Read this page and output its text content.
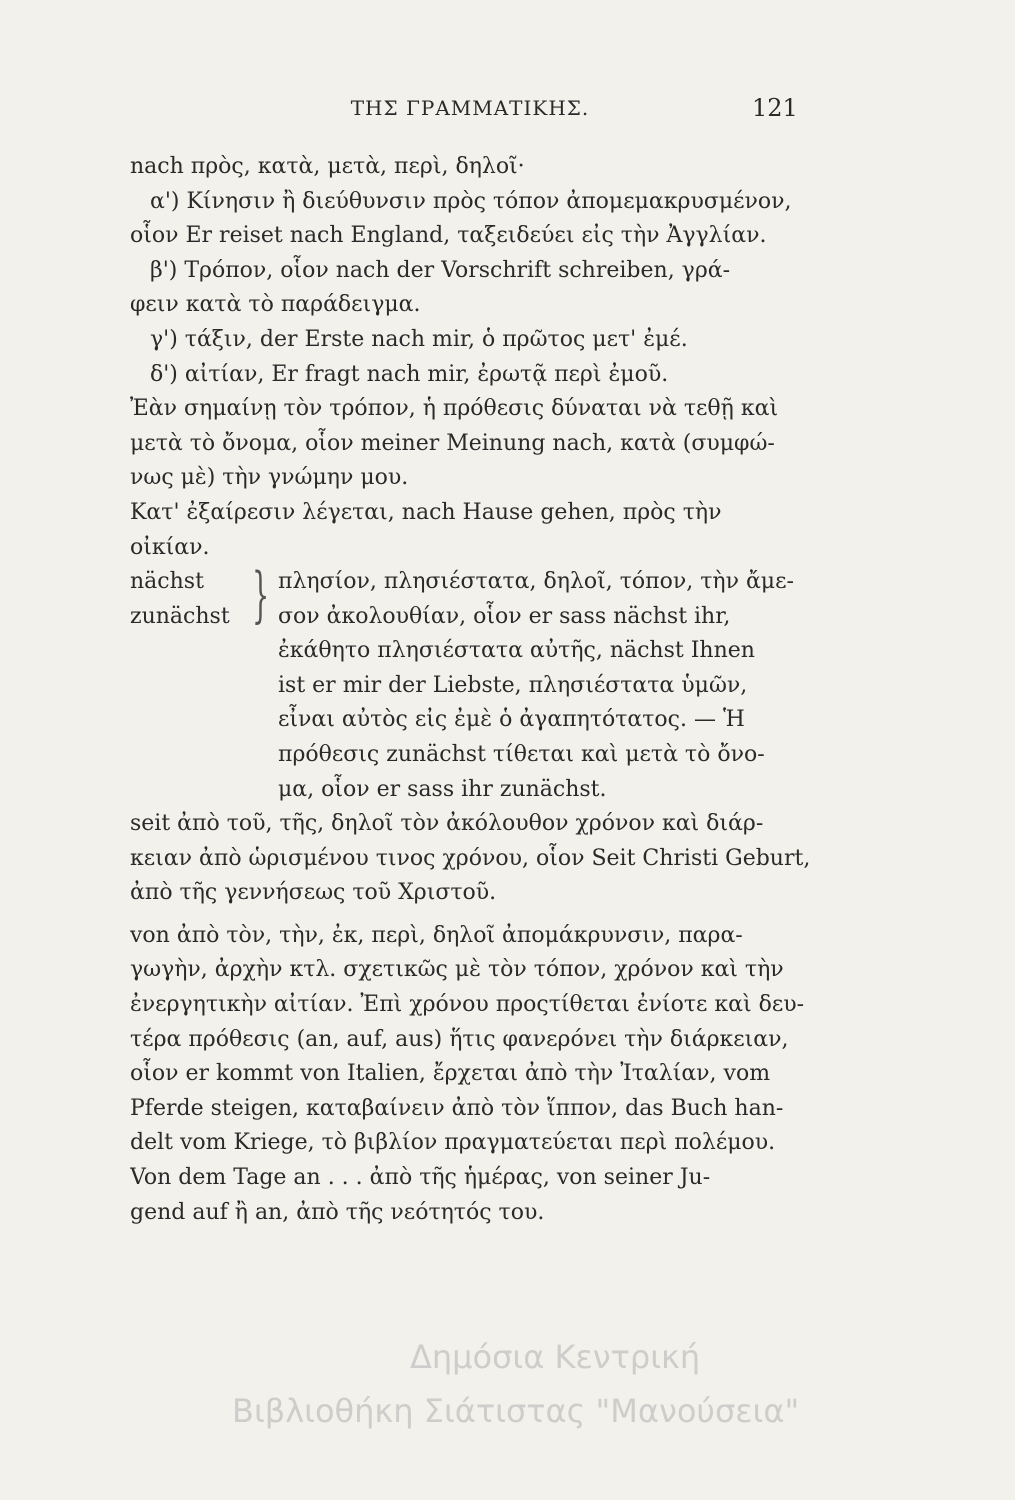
ΤΗΣ ΓΡΑΜΜΑΤΙΚΗΣ.	121

nach πρὸς, κατὰ, μετὰ, περὶ, δηλοῖ·

α') Κίνησιν ἢ διεύθυνσιν πρὸς τόπον ἀπομεμακρυσμένον,

οἷον Er reiset nach England, ταξειδεύει εἰς τὴν Ἀγγλίαν.

β') Τρόπον, οἷον nach der Vorschrift schreiben, γρά-

φειν κατὰ τὸ παράδειγμα.

γ') τάξιν, der Erste nach mir, ὁ πρῶτος μετ' ἐμέ.

δ') αἰτίαν, Er fragt nach mir, ἐρωτᾷ περὶ ἐμοῦ.

Ἐὰν σημαίνῃ τὸν τρόπον, ἡ πρόθεσις δύναται νὰ τεθῇ καὶ

μετὰ τὸ ὄνομα, οἷον meiner Meinung nach, κατὰ (συμφώ-

νως μὲ) τὴν γνώμην μου.

Κατ' ἐξαίρεσιν λέγεται, nach Hause gehen, πρὸς τὴν

οἰκίαν.

nächst
zunächst } πλησίον, πλησιέστατα, δηλοῖ, τόπον, τὴν ἄμε-

σον ἀκολουθίαν, οἷον er sass nächst ihr,

ἐκάθητο πλησιέστατα αὐτῆς, nächst Ihnen

ist er mir der Liebste, πλησιέστατα ὑμῶν,

εἶναι αὐτὸς εἰς ἐμὲ ὁ ἀγαπητότατος. — Ἡ

πρόθεσις zunächst τίθεται καὶ μετὰ τὸ ὄνο-

μα, οἷον er sass ihr zunächst.

seit ἀπὸ τοῦ, τῆς, δηλοῖ τὸν ἀκόλουθον χρόνον καὶ διάρ-

κειαν ἀπὸ ὡρισμένου τινος χρόνου, οἷον Seit Christi Geburt,

ἀπὸ τῆς γεννήσεως τοῦ Χριστοῦ.

von ἀπὸ τὸν, τὴν, ἐκ, περὶ, δηλοῖ ἀπομάκρυνσιν, παρα-

γωγὴν, ἀρχὴν κτλ. σχετικῶς μὲ τὸν τόπον, χρόνον καὶ τὴν

ἐνεργητικὴν αἰτίαν. Ἐπὶ χρόνου προςτίθεται ἐνίοτε καὶ δευ-

τέρα πρόθεσις (an, auf, aus) ἥτις φανερόνει τὴν διάρκειαν,

οἷον er kommt von Italien, ἔρχεται ἀπὸ τὴν Ἰταλίαν, vom

Pferde steigen, καταβαίνειν ἀπὸ τὸν ἵππον, das Buch han-

delt vom Kriege, τὸ βιβλίον πραγματεύεται περὶ πολέμου.

Von dem Tage an . . . ἀπὸ τῆς ἡμέρας, von seiner Ju-

gend auf ἢ an, ἀπὸ τῆς νεότητός του.

Δημόσια Κεντρική
Βιβλιοθήκη Σιάτιστας "Μανούσεια"
